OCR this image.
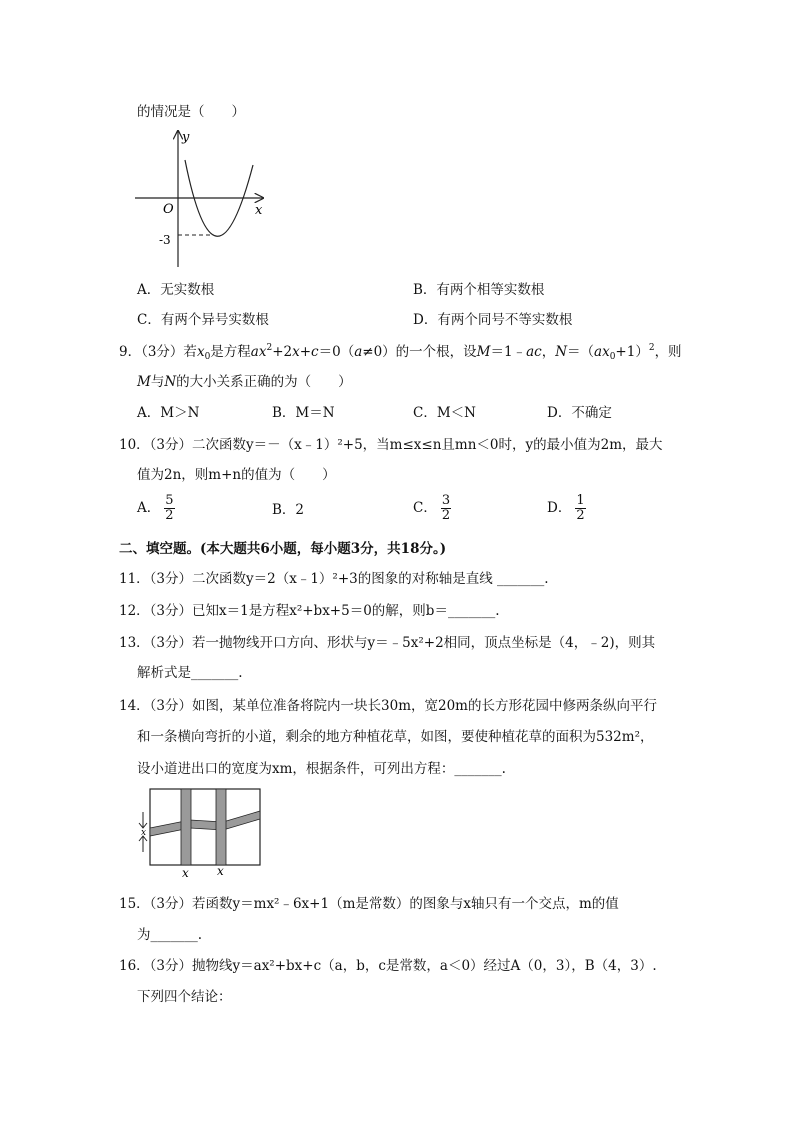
的情况是（　　）
y
x
O
-3
A．无实数根	B．有两个相等实数根
C．有两个异号实数根	D．有两个同号不等实数根
9．（3分）若$x_0$是方程$ax^2+2x+c=0(a\ne 0)$的一个根，设M＝1﹣ac，$N=(ax_0+1)^2$，则
M与N的大小关系正确的为（　　）
A．M＞N	B．M＝N	C．M＜N	D．不确定
10．（3分）二次函数y＝－（x﹣1）²+5，当m≤x≤n且mn＜0时，y的最小值为2m，最大
值为2n，则m+n的值为（　　）
A． $\frac{5}{2}$	B．2	C． $\frac{3}{2}$	D． $\frac{1}{2}$
二、填空题。(本大题共6小题，每小题3分，共18分。)
11．（3分）二次函数y＝2（x﹣1）²+3的图象的对称轴是直线 _______.
12．（3分）已知x＝1是方程x²+bx+5＝0的解，则b＝_______.
13．（3分）若一抛物线开口方向、形状与y＝﹣5x²+2相同，顶点坐标是（4，﹣2)，则其
解析式是_______.
14．（3分）如图，某单位准备将院内一块长30m，宽20m的长方形花园中修两条纵向平行
和一条横向弯折的小道，剩余的地方种植花草，如图，要使种植花草的面积为532m²，
设小道进出口的宽度为xm，根据条件，可列出方程：_______.
x
x x
15．（3分）若函数y＝mx²﹣6x+1（m是常数）的图象与x轴只有一个交点，m的值
为_______.
16．（3分）抛物线y＝ax²+bx+c（a，b，c是常数，a＜0）经过A（0，3），B（4，3）.
下列四个结论：
